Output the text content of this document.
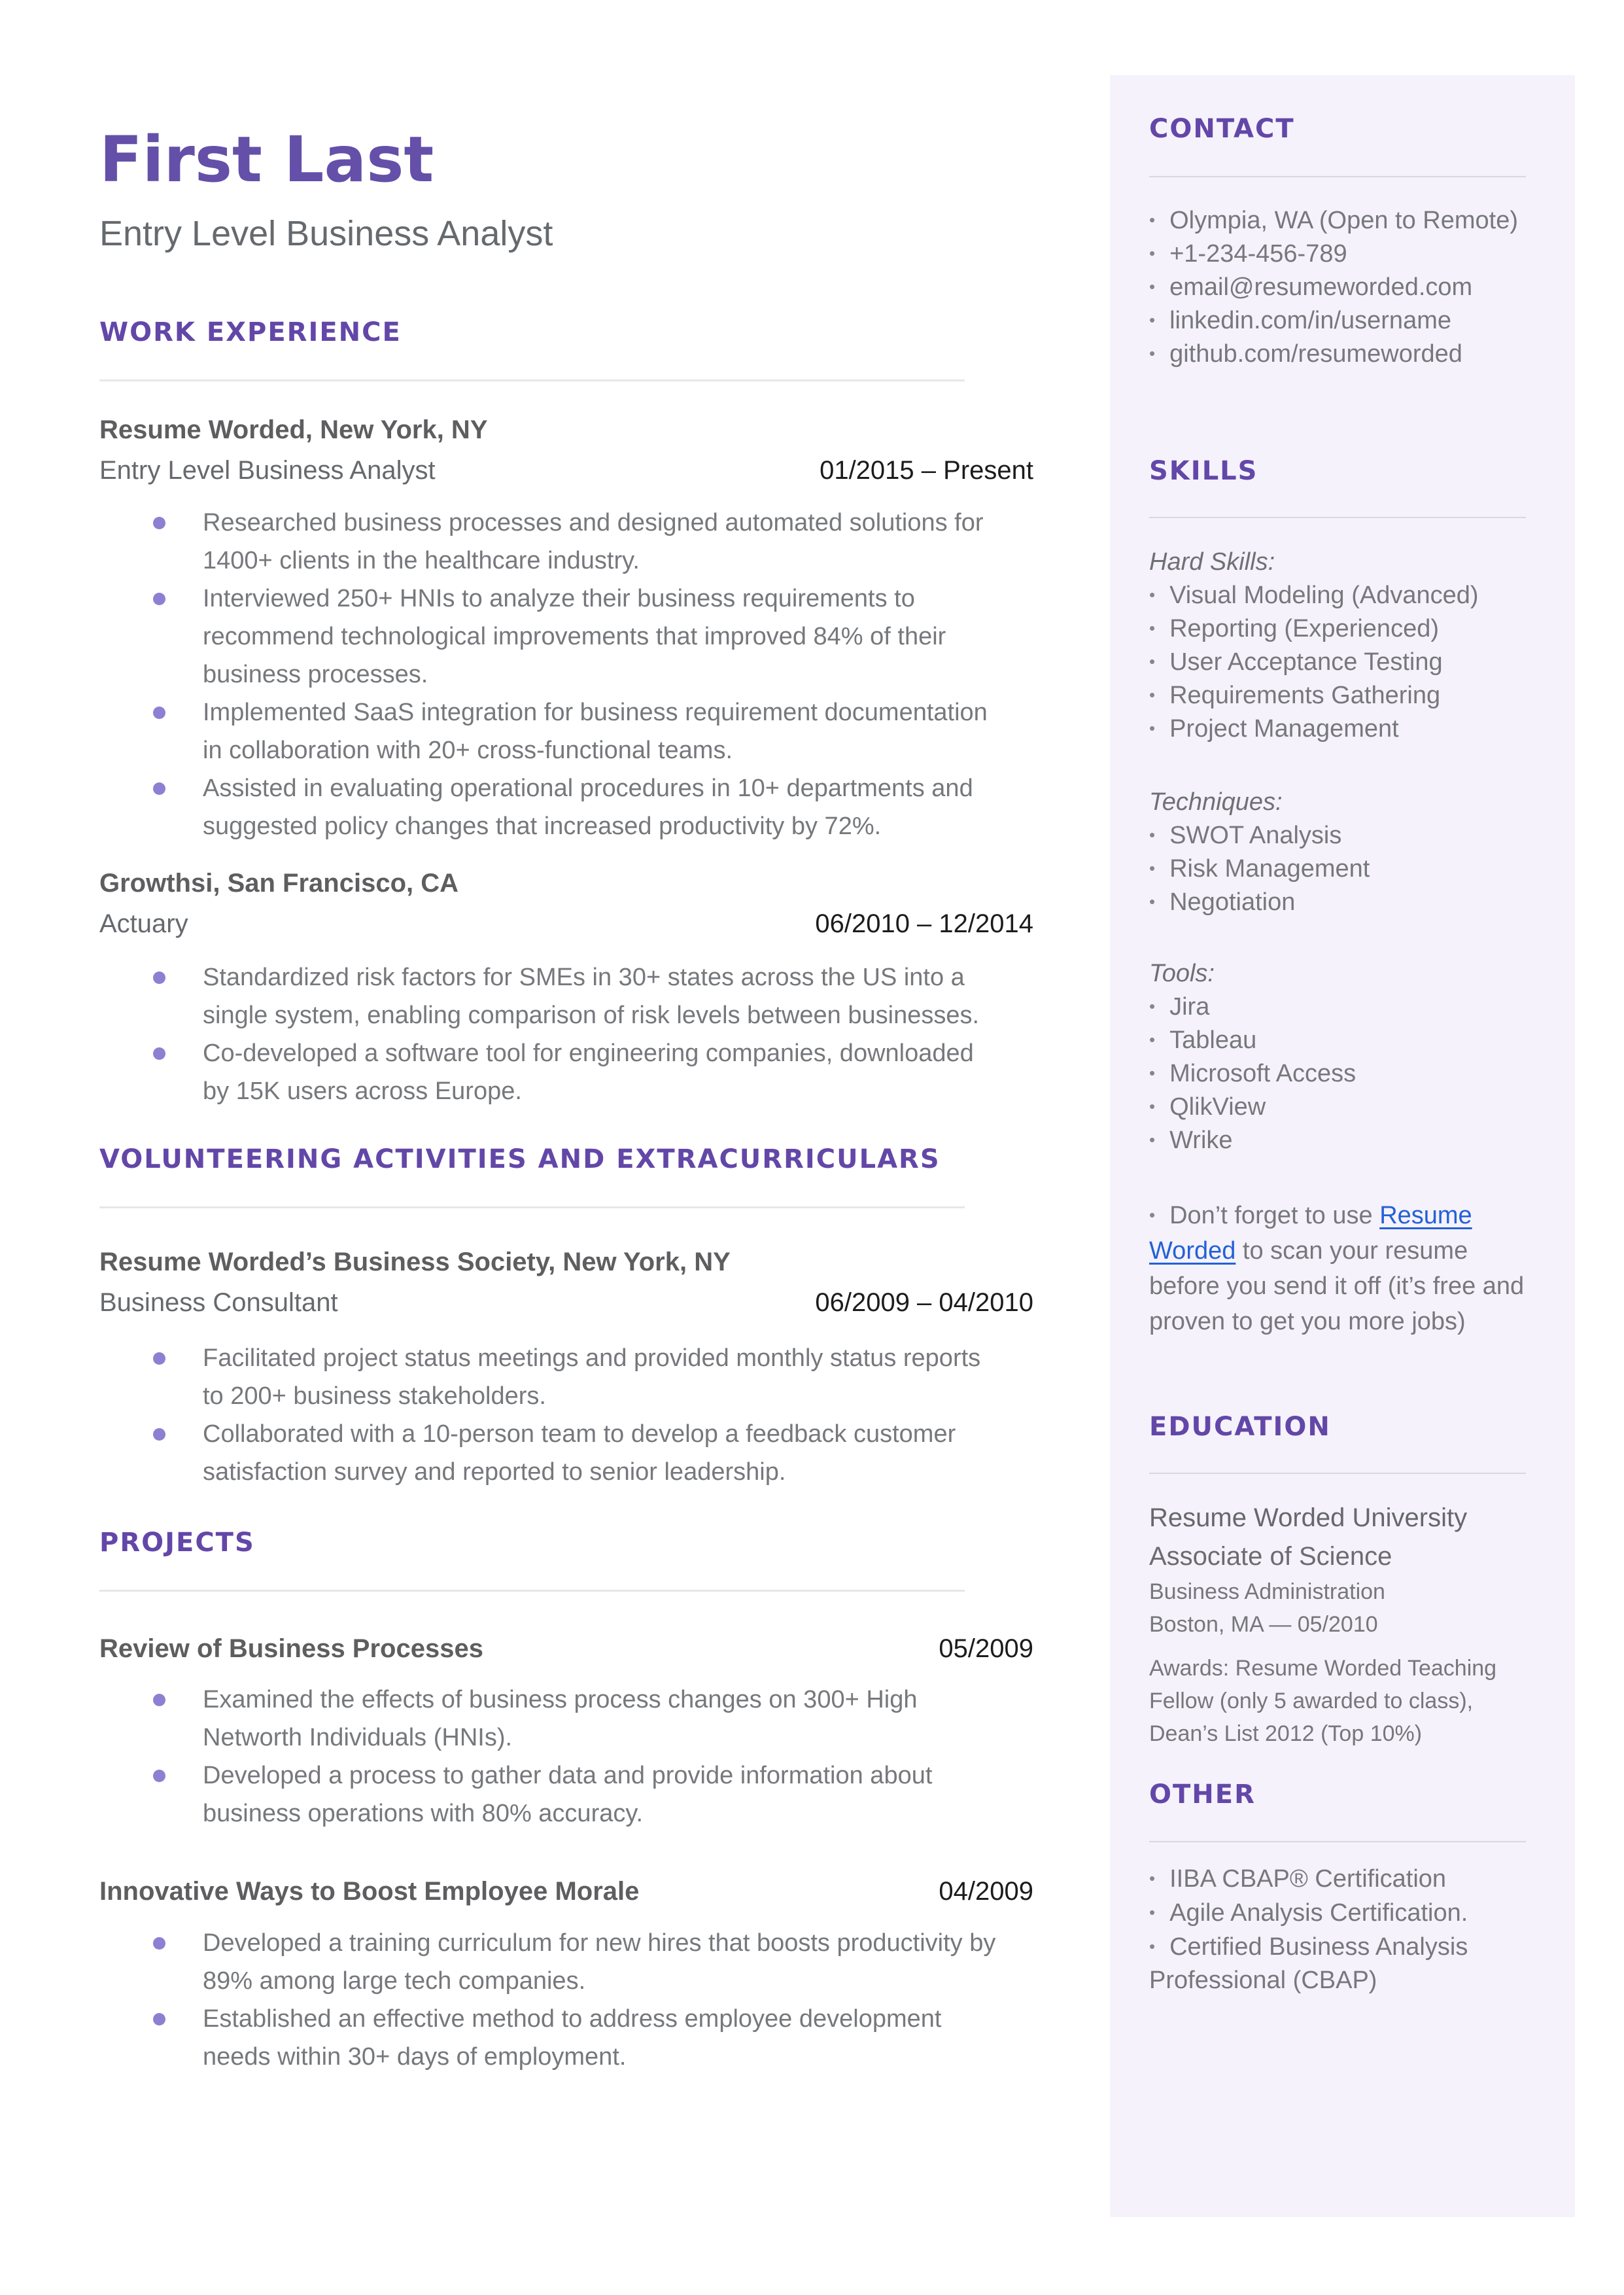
First Last
Entry Level Business Analyst
WORK EXPERIENCE
Resume Worded, New York, NY
Entry Level Business Analyst	01/2015 – Present
Researched business processes and designed automated solutions for 1400+ clients in the healthcare industry.
Interviewed 250+ HNIs to analyze their business requirements to recommend technological improvements that improved 84% of their business processes.
Implemented SaaS integration for business requirement documentation in collaboration with 20+ cross-functional teams.
Assisted in evaluating operational procedures in 10+ departments and suggested policy changes that increased productivity by 72%.
Growthsi, San Francisco, CA
Actuary	06/2010 – 12/2014
Standardized risk factors for SMEs in 30+ states across the US into a single system, enabling comparison of risk levels between businesses.
Co-developed a software tool for engineering companies, downloaded by 15K users across Europe.
VOLUNTEERING ACTIVITIES AND EXTRACURRICULARS
Resume Worded’s Business Society, New York, NY
Business Consultant	06/2009 – 04/2010
Facilitated project status meetings and provided monthly status reports to 200+ business stakeholders.
Collaborated with a 10-person team to develop a feedback customer satisfaction survey and reported to senior leadership.
PROJECTS
Review of Business Processes	05/2009
Examined the effects of business process changes on 300+ High Networth Individuals (HNIs).
Developed a process to gather data and provide information about business operations with 80% accuracy.
Innovative Ways to Boost Employee Morale	04/2009
Developed a training curriculum for new hires that boosts productivity by 89% among large tech companies.
Established an effective method to address employee development needs within 30+ days of employment.
CONTACT
• Olympia, WA (Open to Remote)
• +1-234-456-789
• email@resumeworded.com
• linkedin.com/in/username
• github.com/resumeworded
SKILLS
Hard Skills:
• Visual Modeling (Advanced)
• Reporting (Experienced)
• User Acceptance Testing
• Requirements Gathering
• Project Management
Techniques:
• SWOT Analysis
• Risk Management
• Negotiation
Tools:
• Jira
• Tableau
• Microsoft Access
• QlikView
• Wrike
• Don’t forget to use Resume Worded to scan your resume before you send it off (it’s free and proven to get you more jobs)
EDUCATION
Resume Worded University
Associate of Science
Business Administration
Boston, MA — 05/2010
Awards: Resume Worded Teaching Fellow (only 5 awarded to class), Dean’s List 2012 (Top 10%)
OTHER
• IIBA CBAP® Certification
• Agile Analysis Certification.
• Certified Business Analysis Professional (CBAP)
